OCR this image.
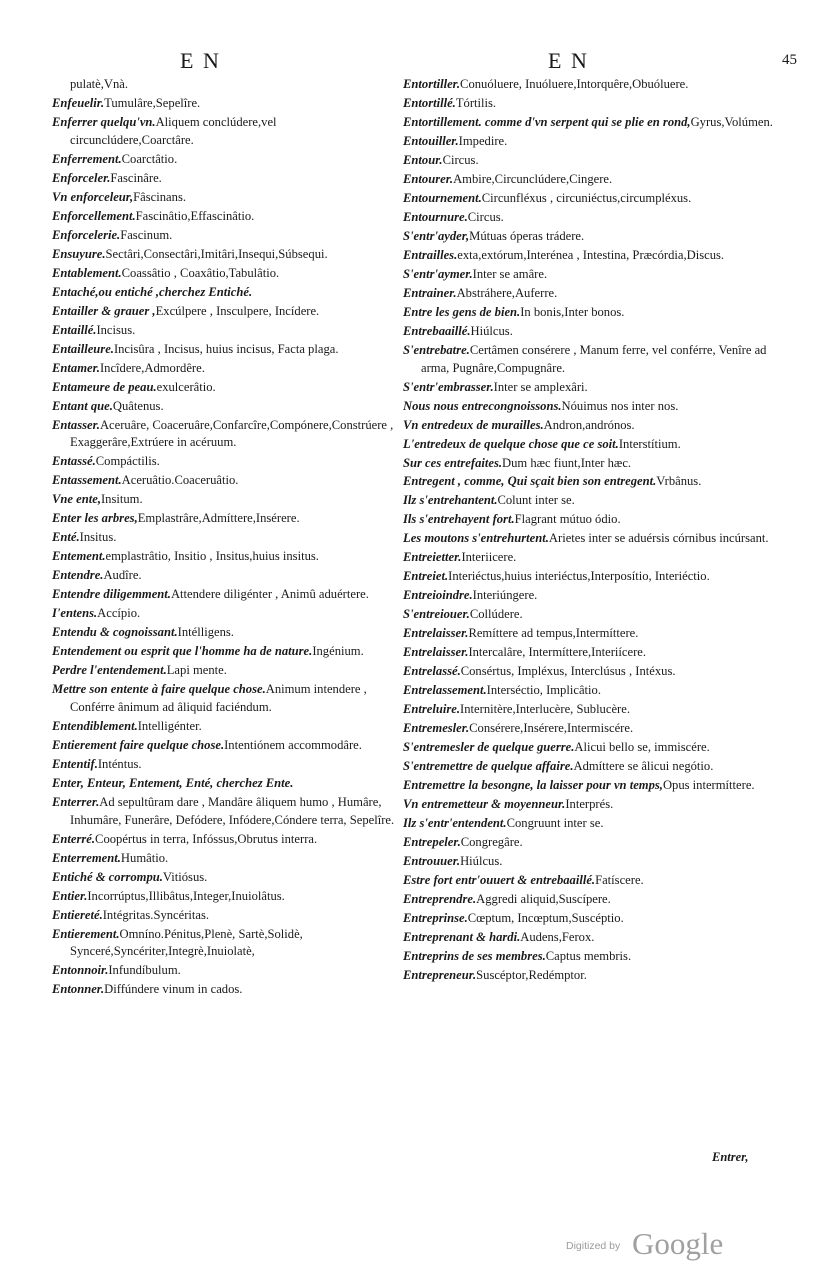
E N	E N	45

pulatè,Vnà.

Enfeuelir.Tumulâre,Sepelîre.

Enferrer quelqu'vn.Aliquem conclúdere,vel circunclúdere,Coarctâre.

Enferrement.Coarctâtio.

Enforceler.Fascinâre.

Vn enforceleur,Fâscinans.

Enforcellement.Fascinâtio,Effascinâtio.

Enforcelerie.Fascinum.

Ensuyure.Sectâri,Consectâri,Imitâri,Insequi,Súbsequi.

Entablement.Coassâtio , Coaxâtio,Tabulâtio.

Entaché,ou entiché ,cherchez Entiché.

Entailler & grauer ,Excúlpere , Insculpere, Incídere.

Entaillé.Incisus.

Entailleure.Incisûra , Incisus, huius incisus, Facta plaga.

Entamer.Incîdere,Admordêre.

Entameure de peau.exulcerâtio.

Entant que.Quâtenus.

Entasser.Aceruâre, Coaceruâre,Confarcîre,Compónere,Constrúere , Exaggerâre,Extrúere in acéruum.

Entassé.Compáctilis.

Entassement.Aceruâtio.Coaceruâtio.

Vne ente,Insitum.

Enter les arbres,Emplastrâre,Admíttere,Insérere.

Enté.Insitus.

Entement.emplastrâtio, Insitio , Insitus,huius insitus.

Entendre.Audîre.

Entendre diligemment.Attendere diligénter , Animû aduértere.

I'entens.Accípio.

Entendu & cognoissant.Intélligens.

Entendement ou esprit que l'homme ha de nature.Ingénium.

Perdre l'entendement.Lapi mente.

Mettre son entente à faire quelque chose.Animum intendere , Conférre ânimum ad âliquid faciéndum.

Entendiblement.Intelligénter.

Entierement faire quelque chose.Intentiónem accommodâre.

Ententif.Inténtus.

Enter, Enteur, Entement, Enté, cherchez Ente.

Enterrer.Ad sepultûram dare , Mandâre âliquem humo , Humâre, Inhumâre, Funerâre, Defódere, Infódere,Cóndere terra, Sepelîre.

Enterré.Coopértus in terra, Infóssus,Obrutus interra.

Enterrement.Humâtio.

Entiché & corrompu.Vitiósus.

Entier.Incorrúptus,Illibâtus,Integer,Inuiolâtus.

Entiereté.Intégritas.Syncéritas.

Entierement.Omníno.Pénitus,Plenè, Sartè,Solidè, Synceré,Syncériter,Integrè,Inuiolatè,

Entonnoir.Infundíbulum.

Entonner.Diffúndere vinum in cados.

Entortiller.Conuóluere, Inuóluere,Intorquêre,Obuóluere.

Entortillé.Tórtilis.

Entortillement. comme d'vn serpent qui se plie en rond,Gyrus,Volúmen.

Entouiller.Impedire.

Entour.Circus.

Entourer.Ambire,Circunclúdere,Cingere.

Entournement.Circunfléxus , circuniéctus,circumpléxus.

Entournure.Circus.

S'entr'ayder,Mútuas óperas trádere.

Entrailles.exta,extórum,Interénea , Intestina, Præcórdia,Discus.

S'entr'aymer.Inter se amâre.

Entrainer.Abstráhere,Auferre.

Entre les gens de bien.In bonis,Inter bonos.

Entrebaaillé.Hiúlcus.

S'entrebatre.Certâmen consérere , Manum ferre, vel conférre, Venîre ad arma, Pugnâre,Compugnâre.

S'entr'embrasser.Inter se amplexâri.

Nous nous entrecongnoissons.Nóuimus nos inter nos.

Vn entredeux de murailles.Andron,andrónos.

L'entredeux de quelque chose que ce soit.Interstítium.

Sur ces entrefaites.Dum hæc fiunt,Inter hæc.

Entregent , comme, Qui sçait bien son entregent.Vrbânus.

Ilz s'entrehantent.Colunt inter se.

Ils s'entrehayent fort.Flagrant mútuo ódio.

Les moutons s'entrehurtent.Arietes inter se aduérsis córnibus incúrsant.

Entreietter.Interiicere.

Entreiet.Interiéctus,huius interiéctus,Interposítio, Interiéctio.

Entreioindre.Interiúngere.

S'entreiouer.Collúdere.

Entrelaisser.Remíttere ad tempus,Intermíttere.

Entrelaisser.Intercalâre, Intermíttere,Interiícere.

Entrelassé.Consértus, Impléxus, Interclúsus , Intéxus.

Entrelassement.Interséctio, Implicâtio.

Entreluire.Internitère,Interlucère, Sublucère.

Entremesler.Consérere,Insérere,Intermiscére.

S'entremesler de quelque guerre.Alicui bello se, immiscére.

S'entremettre de quelque affaire.Admíttere se âlicui negótio.

Entremettre la besongne, la laisser pour vn temps,Opus intermíttere.

Vn entremetteur & moyenneur.Interprés.

Ilz s'entr'entendent.Congruunt inter se.

Entrepeler.Congregâre.

Entrouuer.Hiúlcus.

Estre fort entr'ouuert & entrebaaillé.Fatíscere.

Entreprendre.Aggredi aliquid,Suscípere.

Entreprinse.Cœptum, Incœptum,Suscéptio.

Entreprenant & hardi.Audens,Ferox.

Entreprins de ses membres.Captus membris.

Entrepreneur.Suscéptor,Redémptor.

Entrer,
Digitized by Google
